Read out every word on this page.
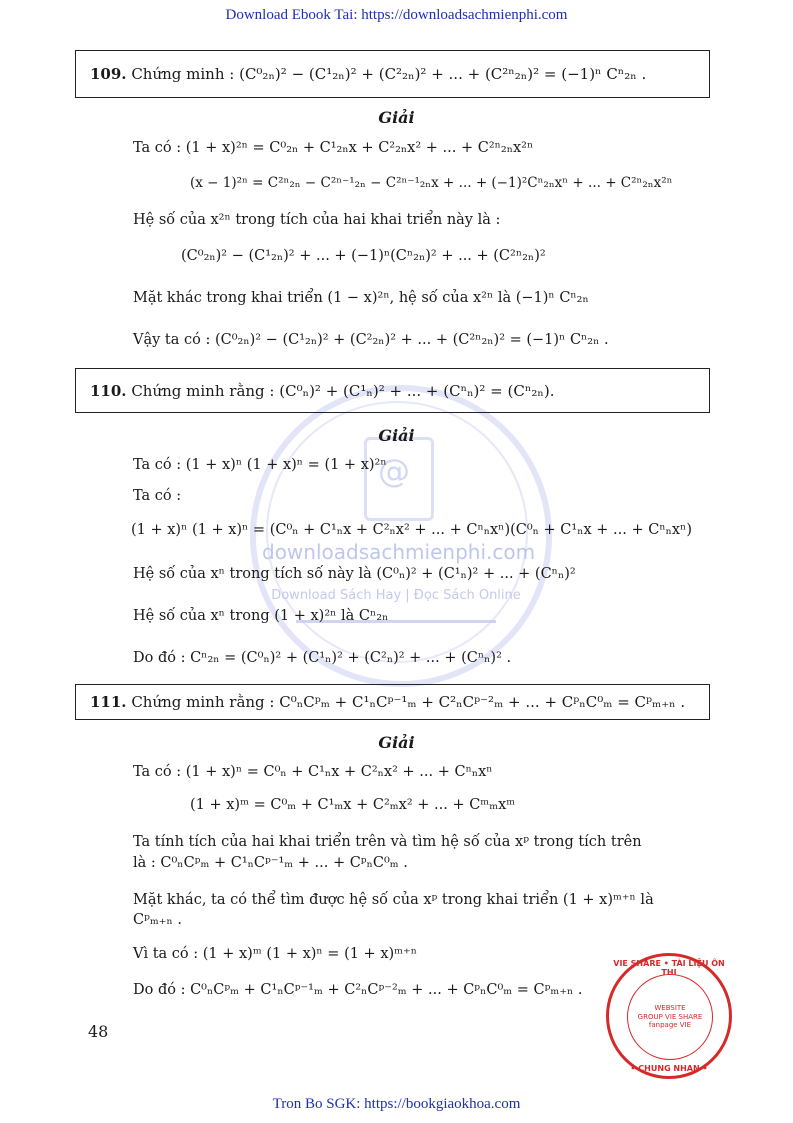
Download Ebook Tai: https://downloadsachmienphi.com
@
downloadsachmienphi.com
Download Sách Hay | Đọc Sách Online
109. Chứng minh : (C⁰₂ₙ)² − (C¹₂ₙ)² + (C²₂ₙ)² + ... + (C²ⁿ₂ₙ)² = (−1)ⁿ Cⁿ₂ₙ .
Giải
Ta có : (1 + x)²ⁿ = C⁰₂ₙ + C¹₂ₙx + C²₂ₙx² + ... + C²ⁿ₂ₙx²ⁿ
(x − 1)²ⁿ = C²ⁿ₂ₙ − C²ⁿ⁻¹₂ₙ − C²ⁿ⁻¹₂ₙx + ... + (−1)²Cⁿ₂ₙxⁿ + ... + C²ⁿ₂ₙx²ⁿ
Hệ số của x²ⁿ trong tích của hai khai triển này là :
(C⁰₂ₙ)² − (C¹₂ₙ)² + ... + (−1)ⁿ(Cⁿ₂ₙ)² + ... + (C²ⁿ₂ₙ)²
Mặt khác trong khai triển (1 − x)²ⁿ, hệ số của x²ⁿ là (−1)ⁿ Cⁿ₂ₙ
Vậy ta có : (C⁰₂ₙ)² − (C¹₂ₙ)² + (C²₂ₙ)² + ... + (C²ⁿ₂ₙ)² = (−1)ⁿ Cⁿ₂ₙ .
110. Chứng minh rằng : (C⁰ₙ)² + (C¹ₙ)² + ... + (Cⁿₙ)² = (Cⁿ₂ₙ).
Giải
Ta có : (1 + x)ⁿ (1 + x)ⁿ = (1 + x)²ⁿ
Ta có :
(1 + x)ⁿ (1 + x)ⁿ = (C⁰ₙ + C¹ₙx + C²ₙx² + ... + Cⁿₙxⁿ)(C⁰ₙ + C¹ₙx + ... + Cⁿₙxⁿ)
Hệ số của xⁿ trong tích số này là (C⁰ₙ)² + (C¹ₙ)² + ... + (Cⁿₙ)²
Hệ số của xⁿ trong (1 + x)²ⁿ là Cⁿ₂ₙ
Do đó : Cⁿ₂ₙ = (C⁰ₙ)² + (C¹ₙ)² + (C²ₙ)² + ... + (Cⁿₙ)² .
111. Chứng minh rằng : C⁰ₙCᵖₘ + C¹ₙCᵖ⁻¹ₘ + C²ₙCᵖ⁻²ₘ + ... + CᵖₙC⁰ₘ = Cᵖₘ₊ₙ .
Giải
Ta có : (1 + x)ⁿ = C⁰ₙ + C¹ₙx + C²ₙx² + ... + Cⁿₙxⁿ
(1 + x)ᵐ = C⁰ₘ + C¹ₘx + C²ₘx² + ... + Cᵐₘxᵐ
Ta tính tích của hai khai triển trên và tìm hệ số của xᵖ trong tích trên
là : C⁰ₙCᵖₘ + C¹ₙCᵖ⁻¹ₘ + ... + CᵖₙC⁰ₘ .
Mặt khác, ta có thể tìm được hệ số của xᵖ trong khai triển (1 + x)ᵐ⁺ⁿ là
Cᵖₘ₊ₙ .
Vì ta có : (1 + x)ᵐ (1 + x)ⁿ = (1 + x)ᵐ⁺ⁿ
Do đó : C⁰ₙCᵖₘ + C¹ₙCᵖ⁻¹ₘ + C²ₙCᵖ⁻²ₘ + ... + CᵖₙC⁰ₘ = Cᵖₘ₊ₙ .
VIE SHARE • TÀI LIỆU ÔN THI
WEBSITE
GROUP VIE SHARE
fanpage VIE
• CHUNG NHAN •
48
Tron Bo SGK: https://bookgiaokhoa.com
